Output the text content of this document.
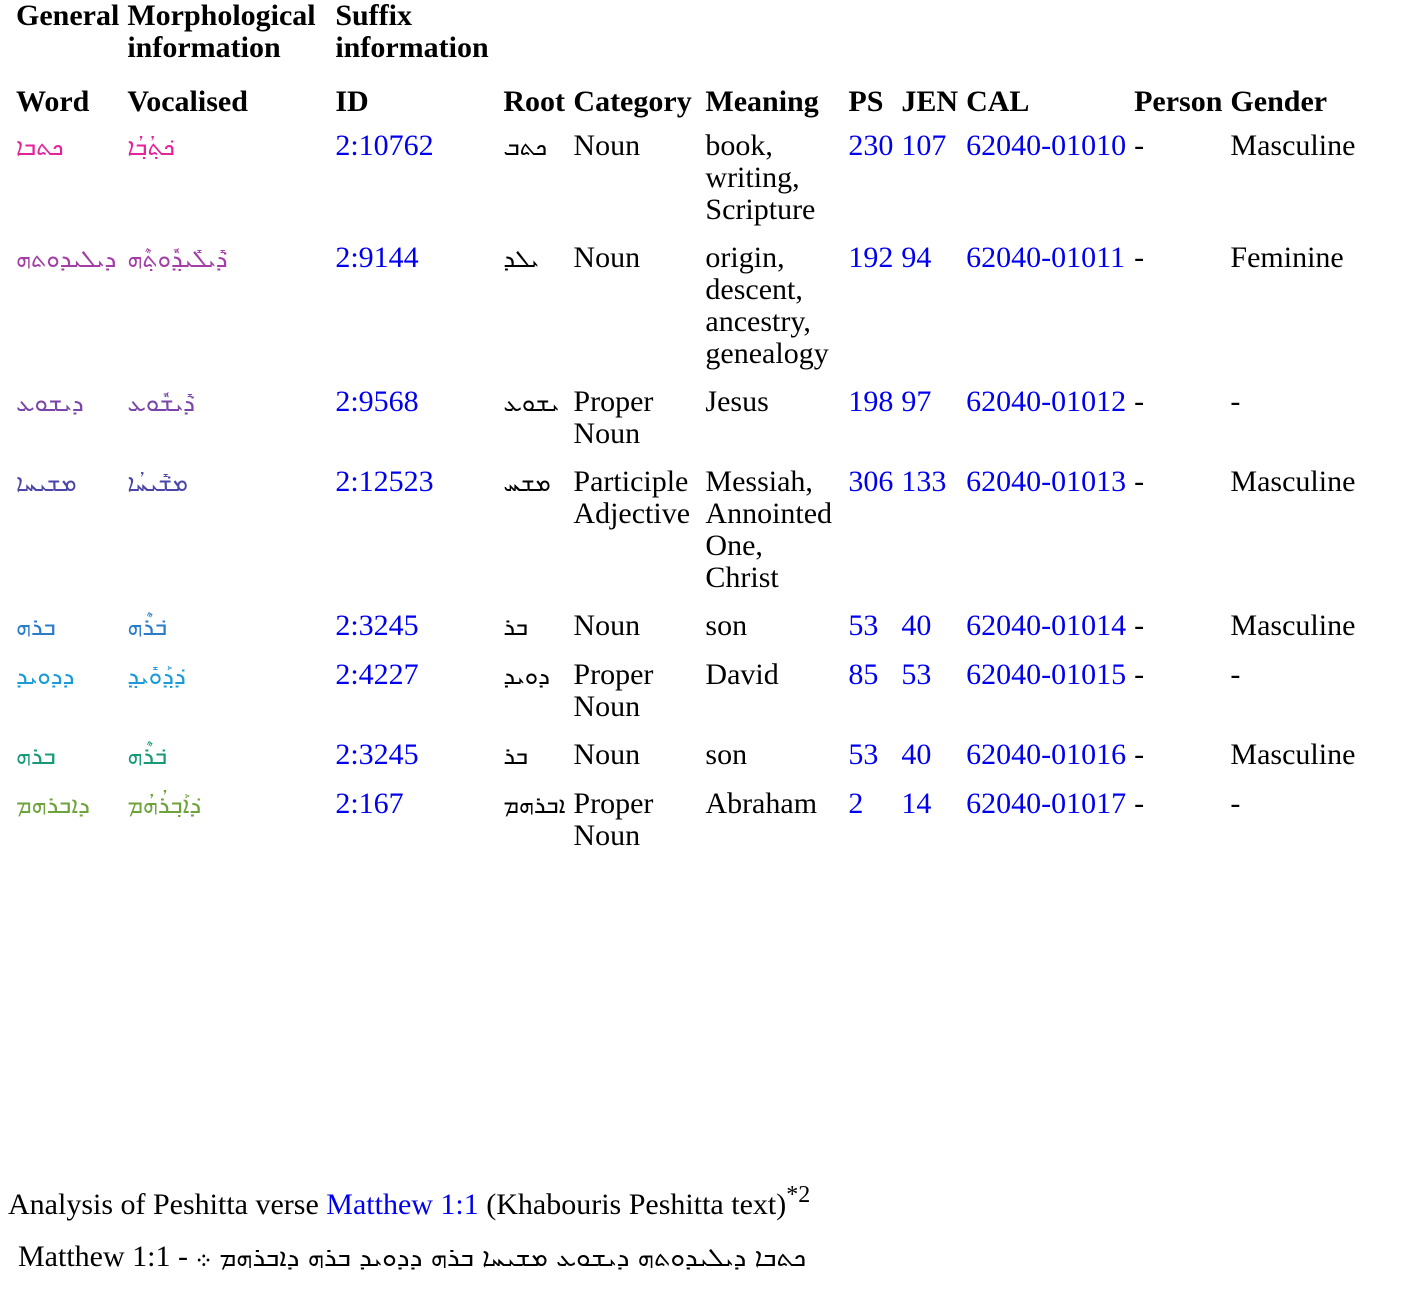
General	Morphological information	Suffix information								
Word	Vocalised	ID	Root	Category	Meaning	PS	JEN	CAL	Person	Gender
ܟܬܒܐ	ܟ݁ܬ݂ܳܒ݂ܳܐ	2:10762	ܟܬܒ	Noun	book, writing, Scripture	230	107	62040-01010	-	Masculine
ܕܝܠܝܕܘܬܗ	ܕ݁ܺܝܠܺܝܕ݂ܽܘܬ݂ܶܗ	2:9144	ܝܠܕ	Noun	origin, descent, ancestry, genealogy	192	94	62040-01011	-	Feminine
ܕܝܫܘܥ	ܕ݁ܺܝܫܽܘܥ	2:9568	ܝܫܘܥ	Proper Noun	Jesus	198	97	62040-01012	-	-
ܡܫܝܚܐ	ܡܫ݁ܺܝܚܳܐ	2:12523	ܡܫܚ	Participle Adjective	Messiah, Annointed One, Christ	306	133	62040-01013	-	Masculine
ܒܪܗ	ܒ݁ܪܶܗ	2:3245	ܒܪ	Noun	son	53	40	62040-01014	-	Masculine
ܕܕܘܝܕ	ܕ݁ܕ݂ܰܘܺܝܕ݂	2:4227	ܕܘܝܕ	Proper Noun	David	85	53	62040-01015	-	-
ܒܪܗ	ܒ݁ܪܶܗ	2:3245	ܒܪ	Noun	son	53	40	62040-01016	-	Masculine
ܕܐܒܪܗܡ	ܕ݁ܐܰܒ݂ܪܳܗܳܡ	2:167	ܐܒܪܗܡ	Proper Noun	Abraham	2	14	62040-01017	-	-
Analysis of Peshitta verse Matthew 1:1 (Khabouris Peshitta text)$^{*2}$
Matthew 1:1 - ܟܬܒܐ ܕܝܠܝܕܘܬܗ ܕܝܫܘܥ ܡܫܝܚܐ ܒܪܗ ܕܕܘܝܕ ܒܪܗ ܕܐܒܪܗܡ ܀
